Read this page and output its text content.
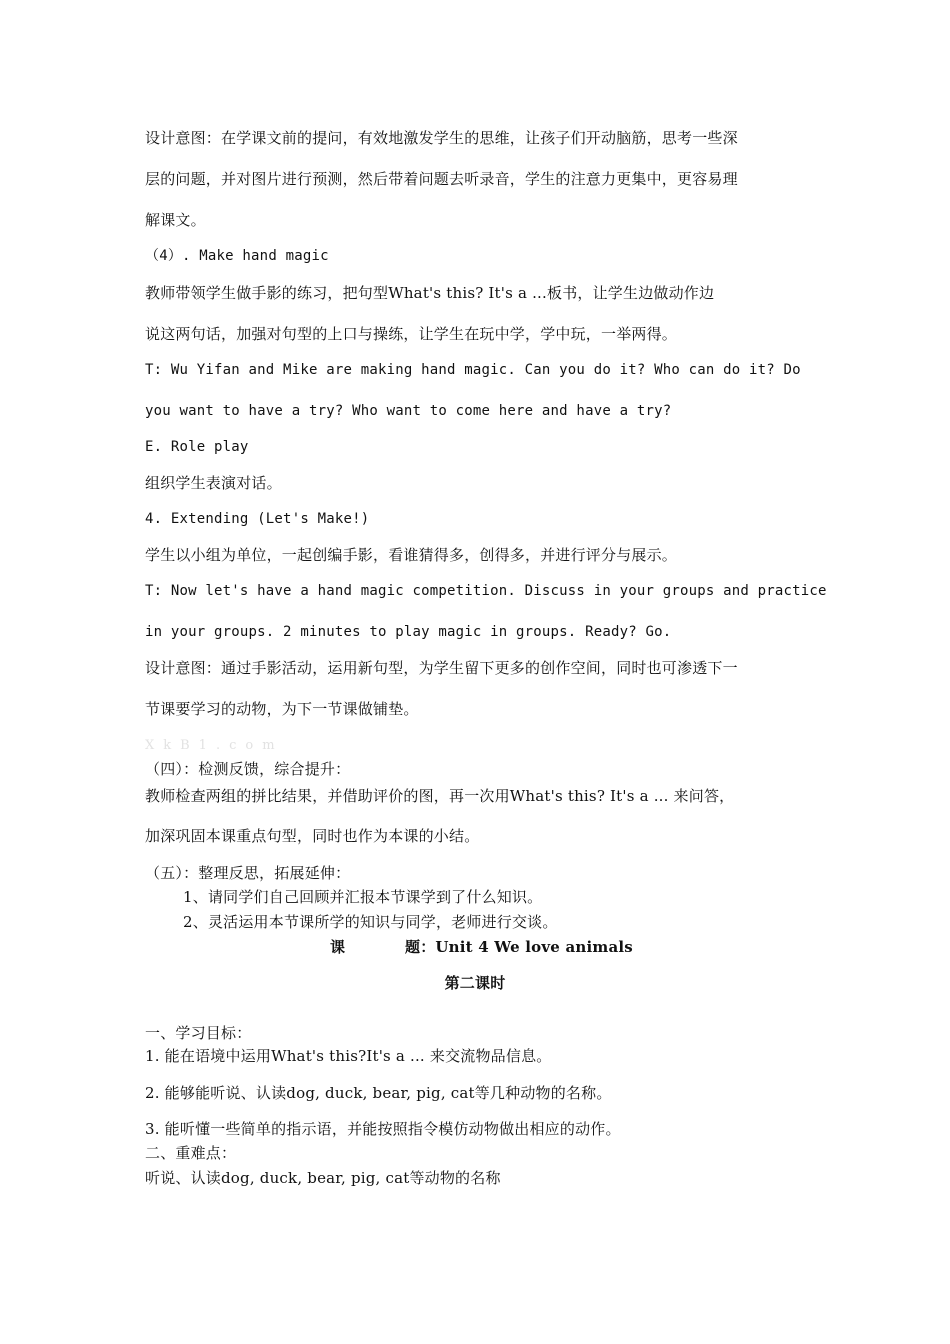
设计意图：在学课文前的提问，有效地激发学生的思维，让孩子们开动脑筋，思考一些深
层的问题，并对图片进行预测，然后带着问题去听录音，学生的注意力更集中，更容易理
解课文。
（4）. Make hand magic
教师带领学生做手影的练习，把句型What's this? It's a ...板书，让学生边做动作边
说这两句话，加强对句型的上口与操练，让学生在玩中学，学中玩，一举两得。
T: Wu Yifan and Mike are making hand magic. Can you do it? Who can do it? Do
you want to have a try? Who want to come here and have a try?
E. Role play
组织学生表演对话。
4. Extending (Let's Make!)
学生以小组为单位，一起创编手影，看谁猜得多，创得多，并进行评分与展示。
T: Now let's have a hand magic competition. Discuss in your groups and practice
in your groups. 2 minutes to play magic in groups. Ready? Go.
设计意图：通过手影活动，运用新句型，为学生留下更多的创作空间，同时也可渗透下一
节课要学习的动物，为下一节课做铺垫。
XkB1.com
（四）：检测反馈，综合提升：
教师检查两组的拼比结果，并借助评价的图，再一次用What's this? It's a ... 来问答，
加深巩固本课重点句型，同时也作为本课的小结。
（五）：整理反思，拓展延伸：
1、请同学们自己回顾并汇报本节课学到了什么知识。
2、灵活运用本节课所学的知识与同学，老师进行交谈。
课	题：Unit 4 We love animals
第二课时
一、学习目标：
1. 能在语境中运用What's this?It's a ... 来交流物品信息。
2. 能够能听说、认读dog, duck, bear, pig, cat等几种动物的名称。
3. 能听懂一些简单的指示语，并能按照指令模仿动物做出相应的动作。
二、重难点：
听说、认读dog, duck, bear, pig, cat等动物的名称
